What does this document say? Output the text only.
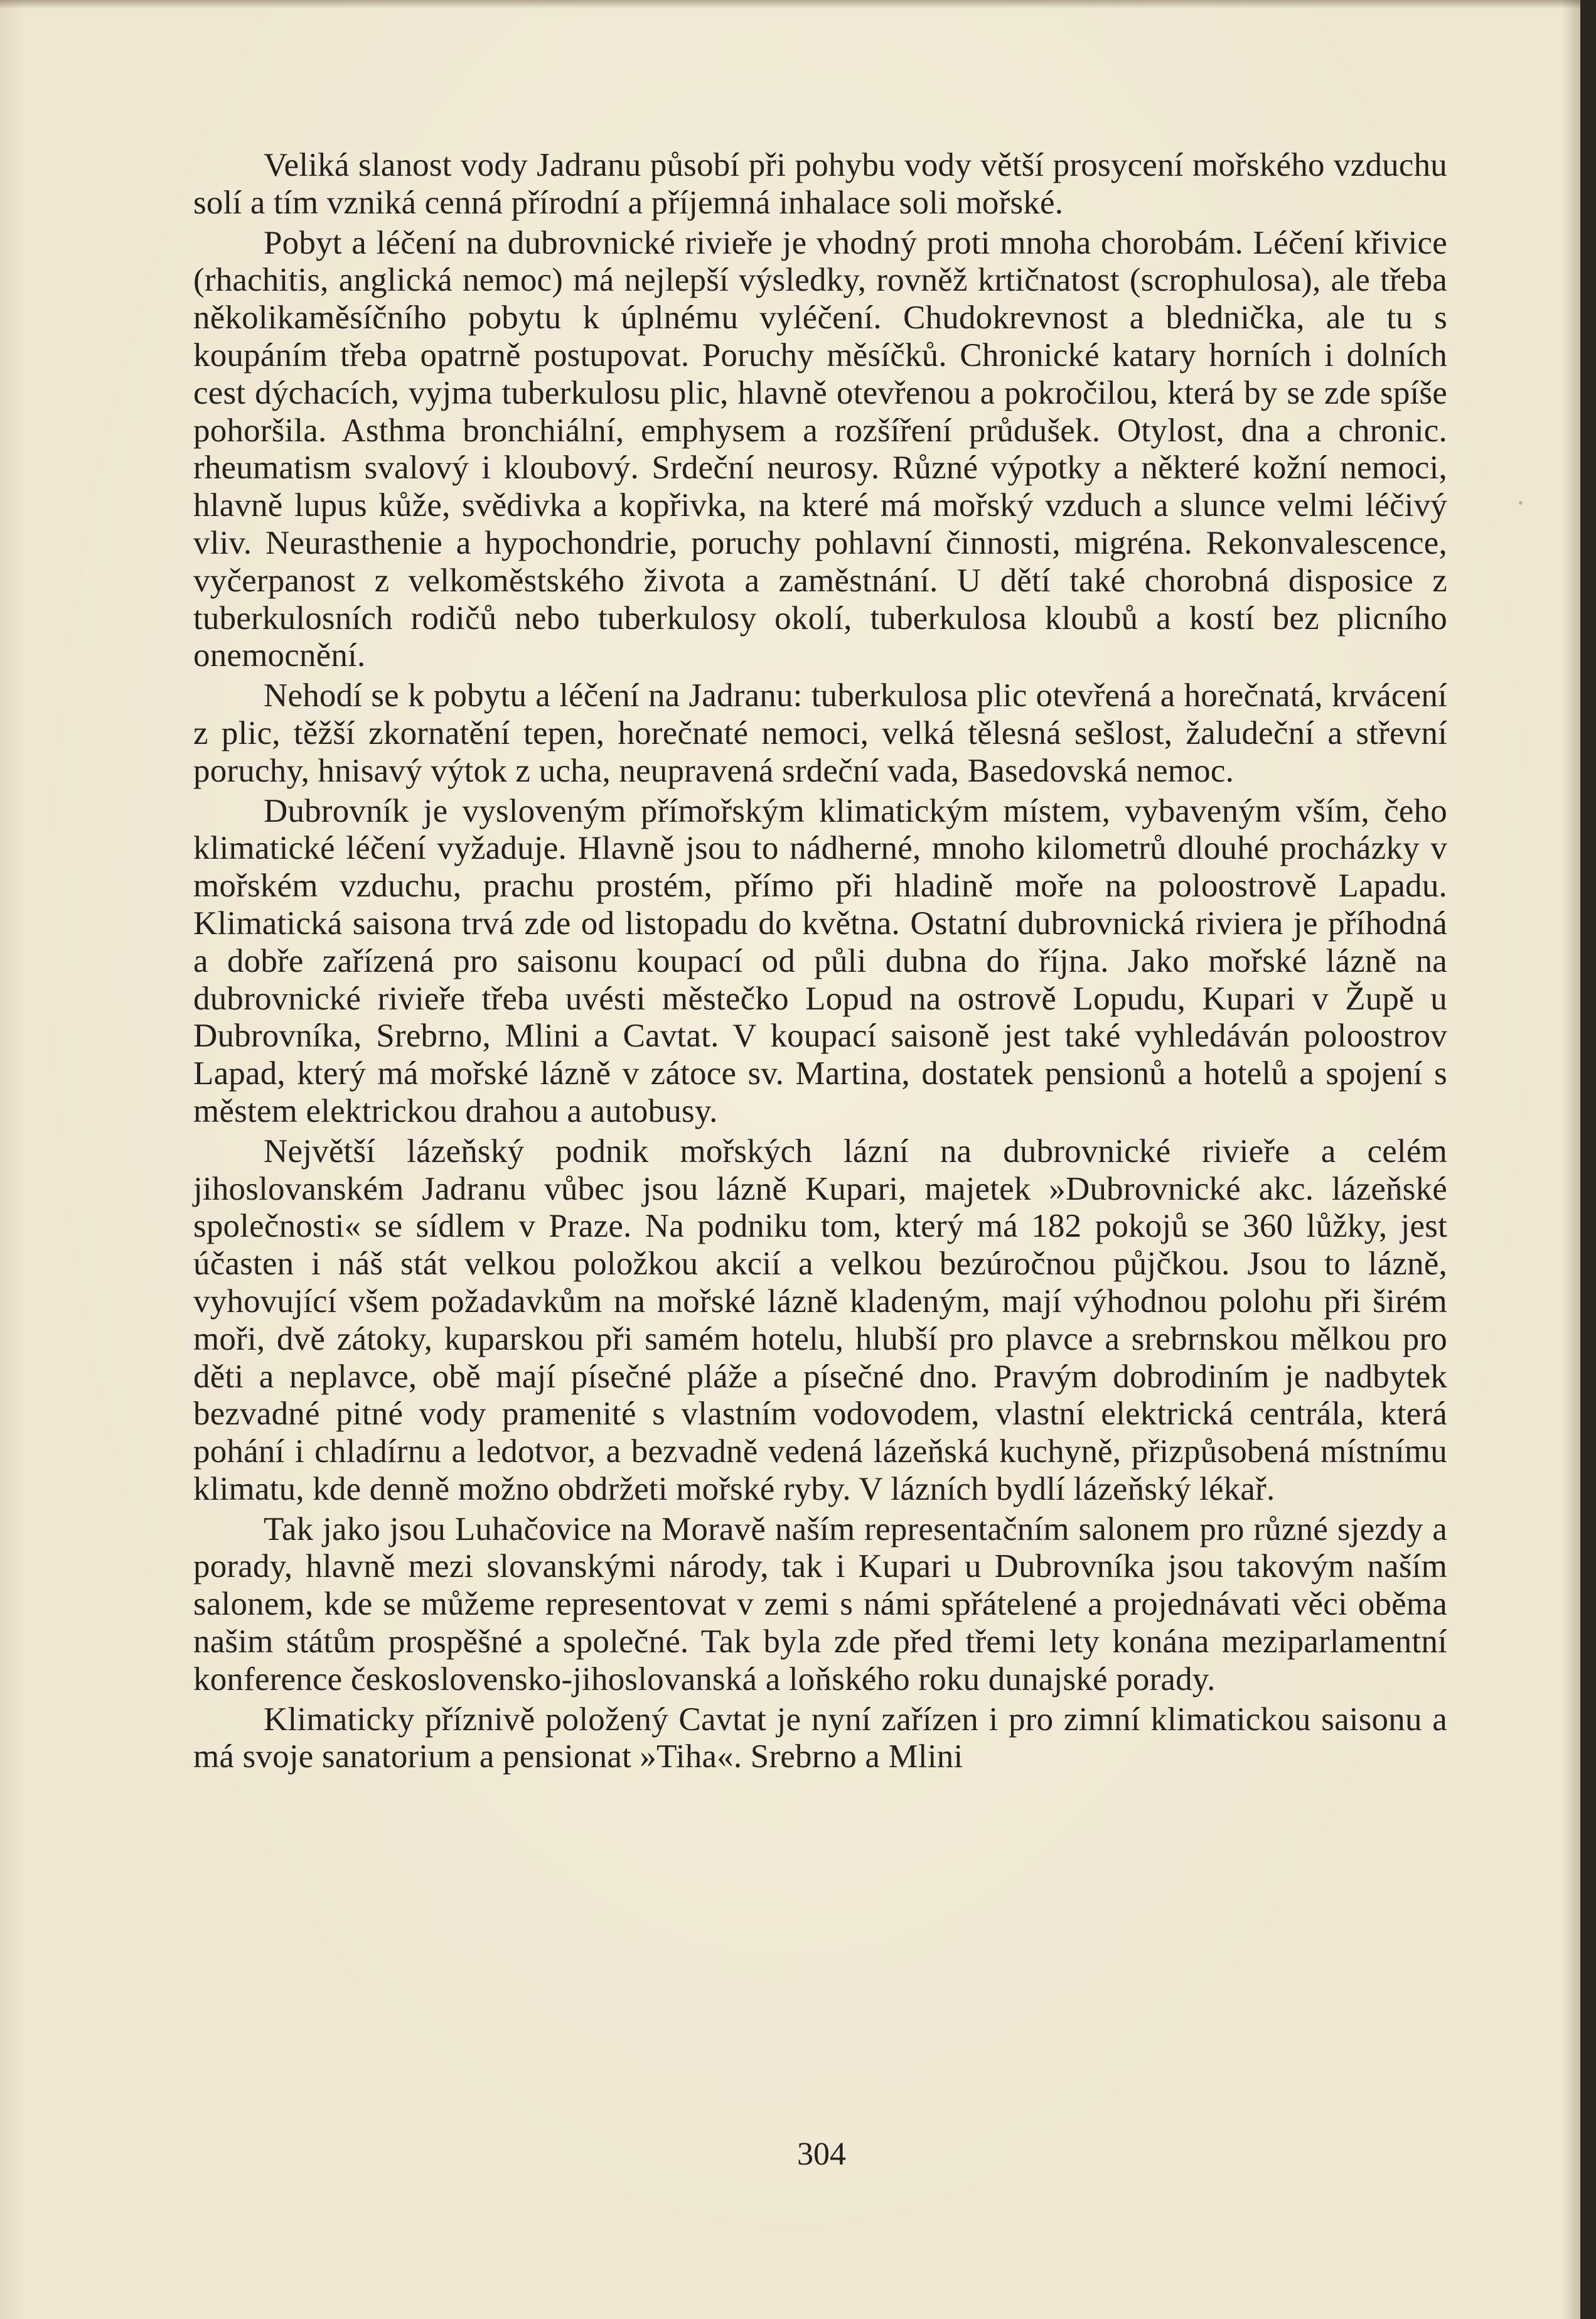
Veliká slanost vody Jadranu působí při pohybu vody větší prosycení mořského vzduchu solí a tím vzniká cenná přírodní a příjemná inhalace soli mořské.

Pobyt a léčení na dubrovnické rivieře je vhodný proti mnoha chorobám. Léčení křivice (rhachitis, anglická nemoc) má nejlepší výsledky, rovněž krtičnatost (scrophulosa), ale třeba několikaměsíčního pobytu k úplnému vyléčení. Chudokrevnost a blednička, ale tu s koupáním třeba opatrně postupovat. Poruchy měsíčků. Chronické katary horních i dolních cest dýchacích, vyjma tuberkulosu plic, hlavně otevřenou a pokročilou, která by se zde spíše pohoršila. Asthma bronchiální, emphysem a rozšíření průdušek. Otylost, dna a chronic. rheumatism svalový i kloubový. Srdeční neurosy. Různé výpotky a některé kožní nemoci, hlavně lupus kůže, svědivka a kopřivka, na které má mořský vzduch a slunce velmi léčivý vliv. Neurasthenie a hypochondrie, poruchy pohlavní činnosti, migréna. Rekonvalescence, vyčerpanost z velkoměstského života a zaměstnání. U dětí také chorobná disposice z tuberkulosních rodičů nebo tuberkulosy okolí, tuberkulosa kloubů a kostí bez plicního onemocnění.

Nehodí se k pobytu a léčení na Jadranu: tuberkulosa plic otevřená a horečnatá, krvácení z plic, těžší zkornatění tepen, horečnaté nemoci, velká tělesná sešlost, žaludeční a střevní poruchy, hnisavý výtok z ucha, neupravená srdeční vada, Basedovská nemoc.

Dubrovník je vysloveným přímořským klimatickým místem, vybaveným vším, čeho klimatické léčení vyžaduje. Hlavně jsou to nádherné, mnoho kilometrů dlouhé procházky v mořském vzduchu, prachu prostém, přímo při hladině moře na poloostrově Lapadu. Klimatická saisona trvá zde od listopadu do května. Ostatní dubrovnická riviera je příhodná a dobře zařízená pro saisonu koupací od půli dubna do října. Jako mořské lázně na dubrovnické rivieře třeba uvésti městečko Lopud na ostrově Lopudu, Kupari v Župě u Dubrovníka, Srebrno, Mlini a Cavtat. V koupací saisoně jest také vyhledáván poloostrov Lapad, který má mořské lázně v zátoce sv. Martina, dostatek pensionů a hotelů a spojení s městem elektrickou drahou a autobusy.

Největší lázeňský podnik mořských lázní na dubrovnické rivieře a celém jihoslovanském Jadranu vůbec jsou lázně Kupari, majetek »Dubrovnické akc. lázeňské společnosti« se sídlem v Praze. Na podniku tom, který má 182 pokojů se 360 lůžky, jest účasten i náš stát velkou položkou akcií a velkou bezúročnou půjčkou. Jsou to lázně, vyhovující všem požadavkům na mořské lázně kladeným, mají výhodnou polohu při širém moři, dvě zátoky, kuparskou při samém hotelu, hlubší pro plavce a srebrnskou mělkou pro děti a neplavce, obě mají písečné pláže a písečné dno. Pravým dobrodiním je nadbytek bezvadné pitné vody pramenité s vlastním vodovodem, vlastní elektrická centrála, která pohání i chladírnu a ledotvor, a bezvadně vedená lázeňská kuchyně, přizpůsobená místnímu klimatu, kde denně možno obdržeti mořské ryby. V lázních bydlí lázeňský lékař.

Tak jako jsou Luhačovice na Moravě naším representačním salonem pro různé sjezdy a porady, hlavně mezi slovanskými národy, tak i Kupari u Dubrovníka jsou takovým naším salonem, kde se můžeme representovat v zemi s námi spřátelené a projednávati věci oběma našim státům prospěšné a společné. Tak byla zde před třemi lety konána meziparlamentní konference československo-jihoslovanská a loňského roku dunajské porady.

Klimaticky příznivě položený Cavtat je nyní zařízen i pro zimní klimatickou saisonu a má svoje sanatorium a pensionat »Tiha«. Srebrno a Mlini

304
